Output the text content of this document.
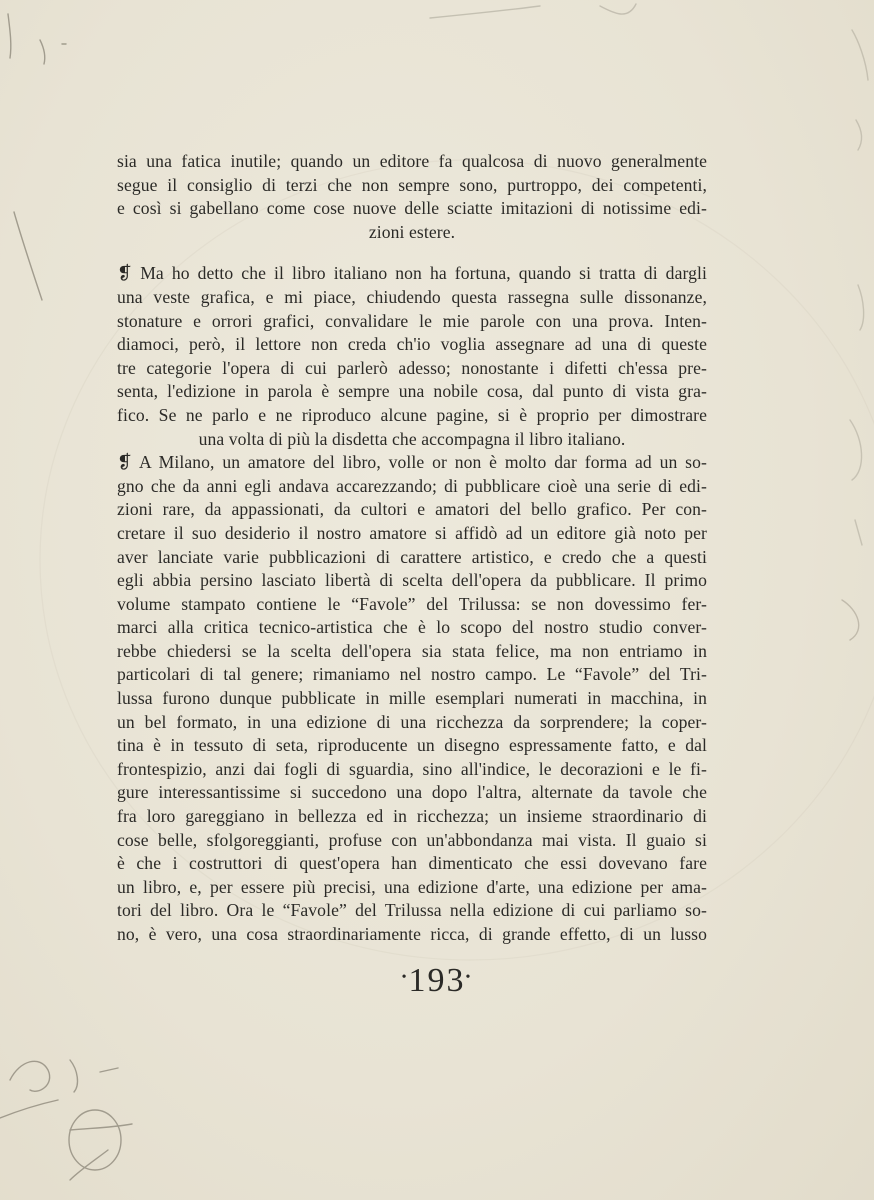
sia una fatica inutile; quando un editore fa qualcosa di nuovo generalmente
segue il consiglio di terzi che non sempre sono, purtroppo, dei competenti,
e così si gabellano come cose nuove delle sciatte imitazioni di notissime edi-
zioni estere.
❡ Ma ho detto che il libro italiano non ha fortuna, quando si tratta di dargli
una veste grafica, e mi piace, chiudendo questa rassegna sulle dissonanze,
stonature e orrori grafici, convalidare le mie parole con una prova. Inten-
diamoci, però, il lettore non creda ch'io voglia assegnare ad una di queste
tre categorie l'opera di cui parlerò adesso; nonostante i difetti ch'essa pre-
senta, l'edizione in parola è sempre una nobile cosa, dal punto di vista gra-
fico. Se ne parlo e ne riproduco alcune pagine, si è proprio per dimostrare
una volta di più la disdetta che accompagna il libro italiano.
❡ A Milano, un amatore del libro, volle or non è molto dar forma ad un so-
gno che da anni egli andava accarezzando; di pubblicare cioè una serie di edi-
zioni rare, da appassionati, da cultori e amatori del bello grafico. Per con-
cretare il suo desiderio il nostro amatore si affidò ad un editore già noto per
aver lanciate varie pubblicazioni di carattere artistico, e credo che a questi
egli abbia persino lasciato libertà di scelta dell'opera da pubblicare. Il primo
volume stampato contiene le “Favole” del Trilussa: se non dovessimo fer-
marci alla critica tecnico-artistica che è lo scopo del nostro studio conver-
rebbe chiedersi se la scelta dell'opera sia stata felice, ma non entriamo in
particolari di tal genere; rimaniamo nel nostro campo. Le “Favole” del Tri-
lussa furono dunque pubblicate in mille esemplari numerati in macchina, in
un bel formato, in una edizione di una ricchezza da sorprendere; la coper-
tina è in tessuto di seta, riproducente un disegno espressamente fatto, e dal
frontespizio, anzi dai fogli di sguardia, sino all'indice, le decorazioni e le fi-
gure interessantissime si succedono una dopo l'altra, alternate da tavole che
fra loro gareggiano in bellezza ed in ricchezza; un insieme straordinario di
cose belle, sfolgoreggianti, profuse con un'abbondanza mai vista. Il guaio si
è che i costruttori di quest'opera han dimenticato che essi dovevano fare
un libro, e, per essere più precisi, una edizione d'arte, una edizione per ama-
tori del libro. Ora le “Favole” del Trilussa nella edizione di cui parliamo so-
no, è vero, una cosa straordinariamente ricca, di grande effetto, di un lusso
•193•
